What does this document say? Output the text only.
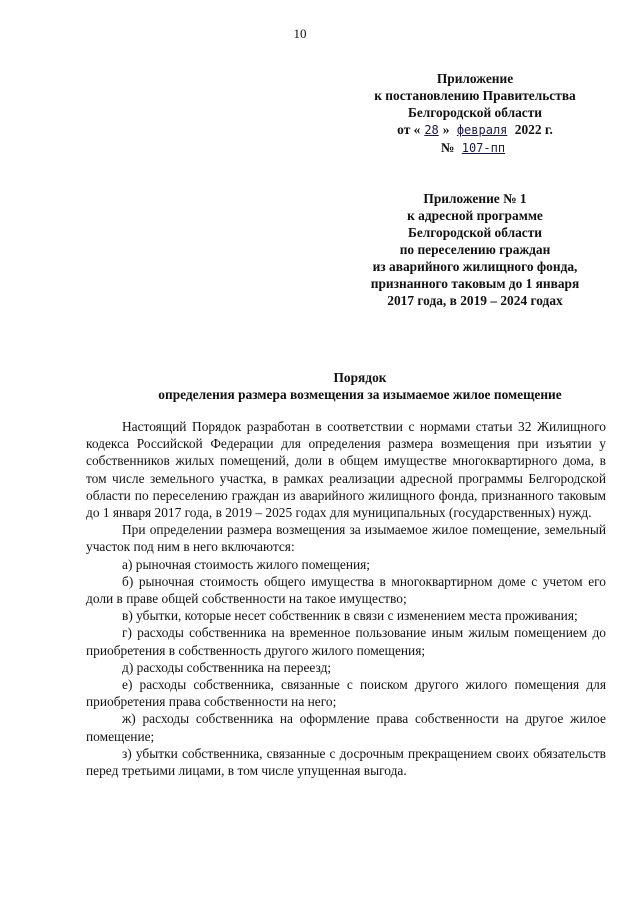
10
Приложение
к постановлению Правительства
Белгородской области
от « 28 » февраля 2022 г.
№ 107-пп
Приложение № 1
к адресной программе
Белгородской области
по переселению граждан
из аварийного жилищного фонда,
признанного таковым до 1 января
2017 года, в 2019 – 2024 годах
Порядок
определения размера возмещения за изымаемое жилое помещение

Настоящий Порядок разработан в соответствии с нормами статьи 32 Жилищного кодекса Российской Федерации для определения размера возмещения при изъятии у собственников жилых помещений, доли в общем имуществе многоквартирного дома, в том числе земельного участка, в рамках реализации адресной программы Белгородской области по переселению граждан из аварийного жилищного фонда, признанного таковым до 1 января 2017 года, в 2019 – 2025 годах для муниципальных (государственных) нужд.

При определении размера возмещения за изымаемое жилое помещение, земельный участок под ним в него включаются:

а) рыночная стоимость жилого помещения;

б) рыночная стоимость общего имущества в многоквартирном доме с учетом его доли в праве общей собственности на такое имущество;

в) убытки, которые несет собственник в связи с изменением места проживания;

г) расходы собственника на временное пользование иным жилым помещением до приобретения в собственность другого жилого помещения;

д) расходы собственника на переезд;

е) расходы собственника, связанные с поиском другого жилого помещения для приобретения права собственности на него;

ж) расходы собственника на оформление права собственности на другое жилое помещение;

з) убытки собственника, связанные с досрочным прекращением своих обязательств перед третьими лицами, в том числе упущенная выгода.
